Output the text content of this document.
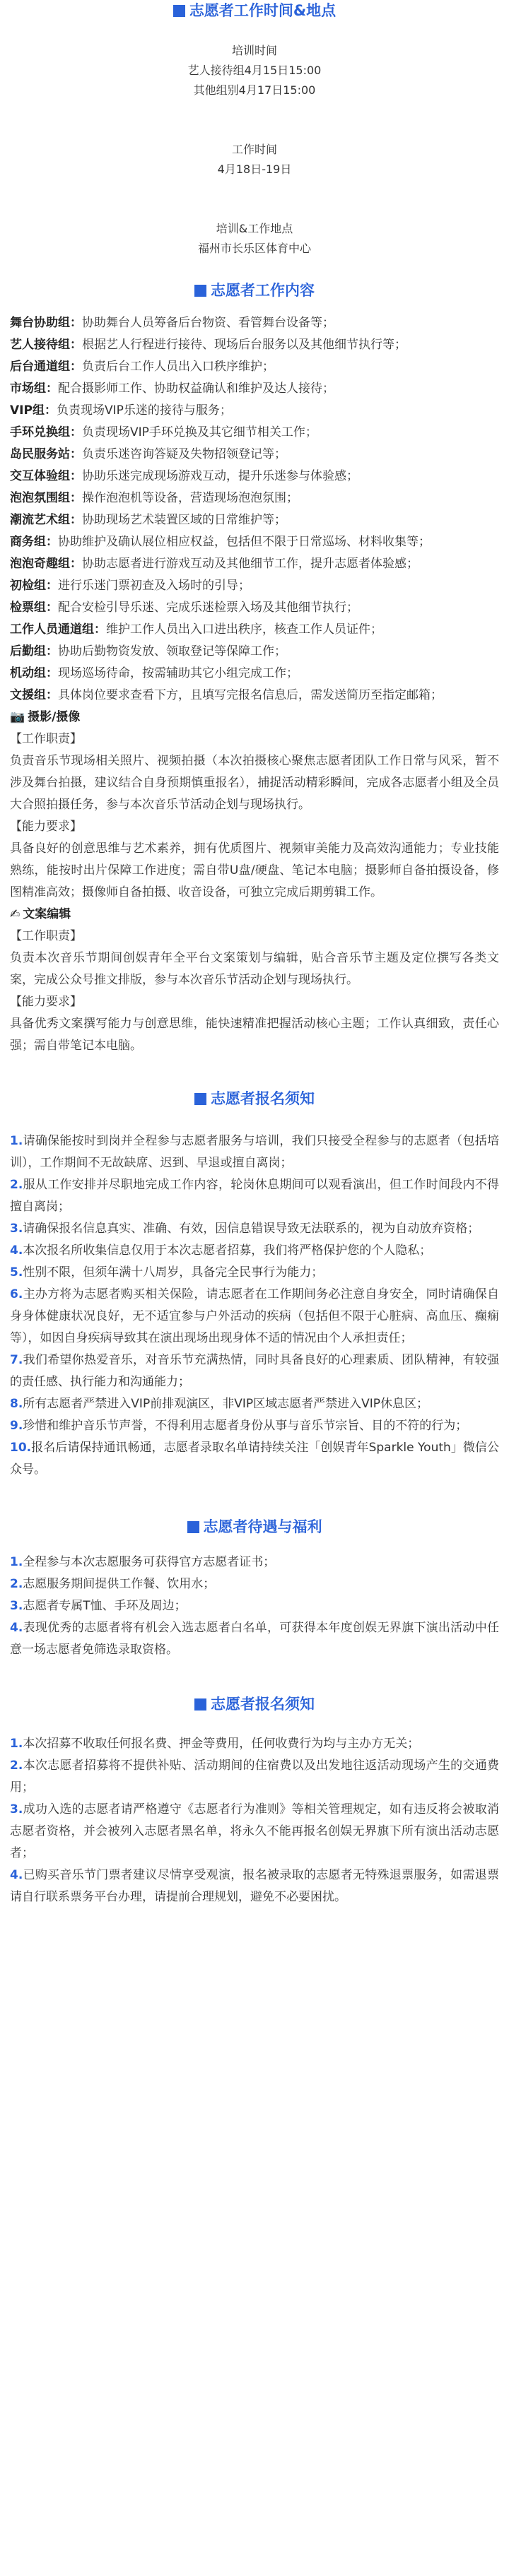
志愿者工作时间&地点

培训时间

艺人接待组4月15日15:00

其他组别4月17日15:00

工作时间

4月18日-19日

培训&工作地点

福州市长乐区体育中心

志愿者工作内容

舞台协助组：协助舞台人员筹备后台物资、看管舞台设备等；

艺人接待组：根据艺人行程进行接待、现场后台服务以及其他细节执行等；

后台通道组：负责后台工作人员出入口秩序维护；

市场组：配合摄影师工作、协助权益确认和维护及达人接待；

VIP组：负责现场VIP乐迷的接待与服务；

手环兑换组：负责现场VIP手环兑换及其它细节相关工作；

岛民服务站：负责乐迷咨询答疑及失物招领登记等；

交互体验组：协助乐迷完成现场游戏互动，提升乐迷参与体验感；

泡泡氛围组：操作泡泡机等设备，营造现场泡泡氛围；

潮流艺术组：协助现场艺术装置区域的日常维护等；

商务组：协助维护及确认展位相应权益，包括但不限于日常巡场、材料收集等；

泡泡奇趣组：协助志愿者进行游戏互动及其他细节工作，提升志愿者体验感；

初检组：进行乐迷门票初查及入场时的引导；

检票组：配合安检引导乐迷、完成乐迷检票入场及其他细节执行；

工作人员通道组：维护工作人员出入口进出秩序，核查工作人员证件；

后勤组：协助后勤物资发放、领取登记等保障工作；

机动组：现场巡场待命，按需辅助其它小组完成工作；

文援组：具体岗位要求查看下方，且填写完报名信息后，需发送简历至指定邮箱；

📷 摄影/摄像

【工作职责】

负责音乐节现场相关照片、视频拍摄（本次拍摄核心聚焦志愿者团队工作日常与风采，暂不涉及舞台拍摄，建议结合自身预期慎重报名），捕捉活动精彩瞬间，完成各志愿者小组及全员大合照拍摄任务，参与本次音乐节活动企划与现场执行。

【能力要求】

具备良好的创意思维与艺术素养，拥有优质图片、视频审美能力及高效沟通能力；专业技能熟练，能按时出片保障工作进度；需自带U盘/硬盘、笔记本电脑；摄影师自备拍摄设备，修图精准高效；摄像师自备拍摄、收音设备，可独立完成后期剪辑工作。

✍ 文案编辑

【工作职责】

负责本次音乐节期间创娱青年全平台文案策划与编辑，贴合音乐节主题及定位撰写各类文案，完成公众号推文排版，参与本次音乐节活动企划与现场执行。

【能力要求】

具备优秀文案撰写能力与创意思维，能快速精准把握活动核心主题；工作认真细致，责任心强；需自带笔记本电脑。

志愿者报名须知

1.请确保能按时到岗并全程参与志愿者服务与培训，我们只接受全程参与的志愿者（包括培训），工作期间不无故缺席、迟到、早退或擅自离岗；

2.服从工作安排并尽职地完成工作内容，轮岗休息期间可以观看演出，但工作时间段内不得擅自离岗；

3.请确保报名信息真实、准确、有效，因信息错误导致无法联系的，视为自动放弃资格；

4.本次报名所收集信息仅用于本次志愿者招募，我们将严格保护您的个人隐私；

5.性别不限，但须年满十八周岁，具备完全民事行为能力；

6.主办方将为志愿者购买相关保险，请志愿者在工作期间务必注意自身安全，同时请确保自身身体健康状况良好，无不适宜参与户外活动的疾病（包括但不限于心脏病、高血压、癫痫等），如因自身疾病导致其在演出现场出现身体不适的情况由个人承担责任；

7.我们希望你热爱音乐，对音乐节充满热情，同时具备良好的心理素质、团队精神，有较强的责任感、执行能力和沟通能力；

8.所有志愿者严禁进入VIP前排观演区，非VIP区域志愿者严禁进入VIP休息区；

9.珍惜和维护音乐节声誉，不得利用志愿者身份从事与音乐节宗旨、目的不符的行为；

10.报名后请保持通讯畅通，志愿者录取名单请持续关注「创娱青年Sparkle Youth」微信公众号。

志愿者待遇与福利

1.全程参与本次志愿服务可获得官方志愿者证书；

2.志愿服务期间提供工作餐、饮用水；

3.志愿者专属T恤、手环及周边；

4.表现优秀的志愿者将有机会入选志愿者白名单，可获得本年度创娱无界旗下演出活动中任意一场志愿者免筛选录取资格。

志愿者报名须知

1.本次招募不收取任何报名费、押金等费用，任何收费行为均与主办方无关；

2.本次志愿者招募将不提供补贴、活动期间的住宿费以及出发地往返活动现场产生的交通费用；

3.成功入选的志愿者请严格遵守《志愿者行为准则》等相关管理规定，如有违反将会被取消志愿者资格，并会被列入志愿者黑名单，将永久不能再报名创娱无界旗下所有演出活动志愿者；

4.已购买音乐节门票者建议尽情享受观演，报名被录取的志愿者无特殊退票服务，如需退票请自行联系票务平台办理，请提前合理规划，避免不必要困扰。
